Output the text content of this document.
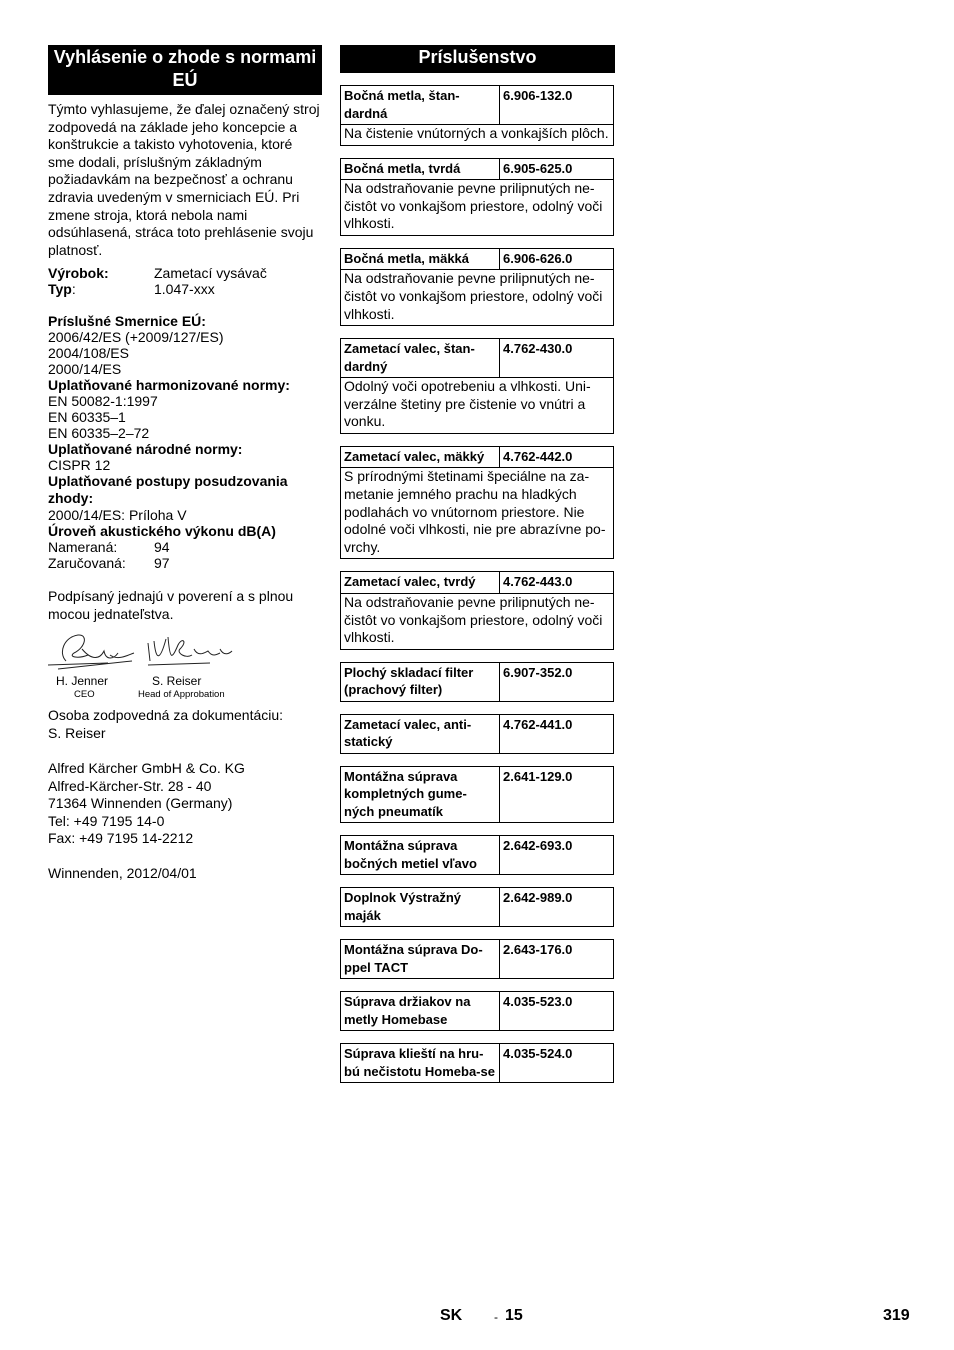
Vyhlásenie o zhode s normami EÚ

Týmto vyhlasujeme, že ďalej označený stroj zodpovedá na základe jeho koncepcie a konštrukcie a takisto vyhotovenia, ktoré sme dodali, príslušným základným požiadavkám na bezpečnosť a ochranu zdravia uvedeným v smerniciach EÚ. Pri zmene stroja, ktorá nebola nami odsúhlasená, stráca toto prehlásenie svoju platnosť.

Výrobok:	Zametací vysávač
Typ:	1.047-xxx
Príslušné Smernice EÚ:
2006/42/ES (+2009/127/ES)
2004/108/ES
2000/14/ES
Uplatňované harmonizované normy:
EN 50082-1:1997
EN 60335–1
EN 60335–2–72
Uplatňované národné normy:
CISPR 12
Uplatňované postupy posudzovania zhody:
2000/14/ES: Príloha V
Úroveň akustického výkonu dB(A)
Nameraná:	94
Zaručovaná:	97

Podpísaný jednajú v poverení a s plnou mocou jednateľstva.

H. Jenner
CEO
S. Reiser
Head of Approbation
Osoba zodpovedná za dokumentáciu:
S. Reiser
Alfred Kärcher GmbH & Co. KG
Alfred-Kärcher-Str. 28 - 40
71364 Winnenden (Germany)
Tel: +49 7195 14-0
Fax: +49 7195 14-2212
Winnenden, 2012/04/01
Príslušenstvo
Bočná metla, štan-dardná
6.906-132.0
Na čistenie vnútorných a vonkajších plôch.
Bočná metla, tvrdá	6.905-625.0
Na odstraňovanie pevne prilipnutých ne-čistôt vo vonkajšom priestore, odolný voči vlhkosti.
Bočná metla, mäkká	6.906-626.0
Na odstraňovanie pevne prilipnutých ne-čistôt vo vonkajšom priestore, odolný voči vlhkosti.
Zametací valec, štan-dardný
4.762-430.0
Odolný voči opotrebeniu a vlhkosti. Uni-verzálne štetiny pre čistenie vo vnútri a vonku.
Zametací valec, mäkký	4.762-442.0
S prírodnými štetinami špeciálne na za-metanie jemného prachu na hladkých podlahách vo vnútornom priestore. Nie odolné voči vlhkosti, nie pre abrazívne po-vrchy.
Zametací valec, tvrdý	4.762-443.0
Na odstraňovanie pevne prilipnutých ne-čistôt vo vonkajšom priestore, odolný voči vlhkosti.
Plochý skladací filter (prachový filter)
6.907-352.0
Zametací valec, anti-statický
4.762-441.0
Montážna súprava kompletných gume-ných pneumatík
2.641-129.0
Montážna súprava bočných metiel vľavo
2.642-693.0
Doplnok Výstražný maják
2.642-989.0
Montážna súprava Do-ppel TACT
2.643-176.0
Súprava držiakov na metly Homebase
4.035-523.0
Súprava klieští na hru-bú nečistotu Homeba-se
4.035-524.0
SK	- 15	319
